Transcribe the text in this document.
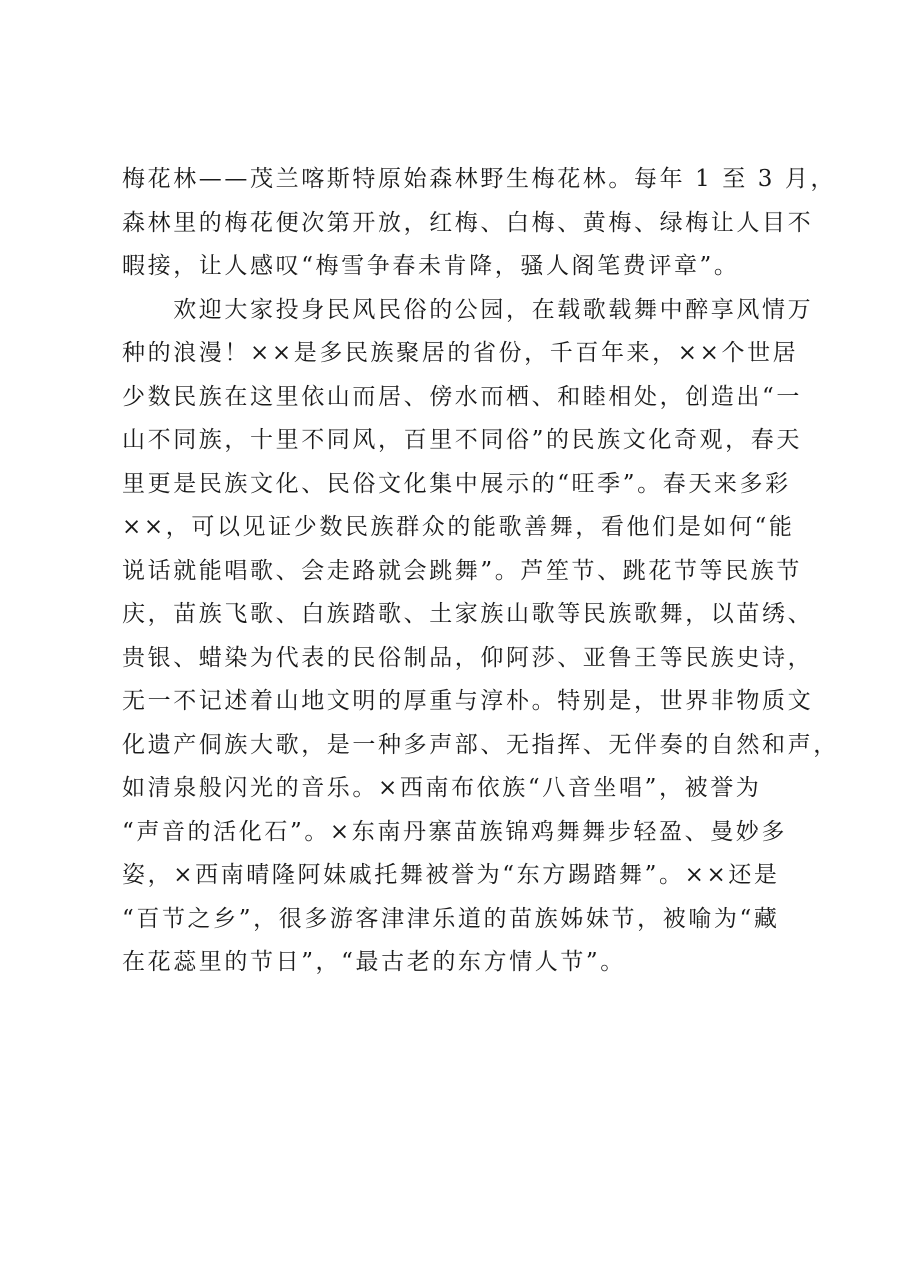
梅花林——茂兰喀斯特原始森林野生梅花林。每年 1 至 3 月，
森林里的梅花便次第开放，红梅、白梅、黄梅、绿梅让人目不
暇接，让人感叹“梅雪争春未肯降，骚人阁笔费评章”。
　　欢迎大家投身民风民俗的公园，在载歌载舞中醉享风情万
种的浪漫！××是多民族聚居的省份，千百年来，××个世居
少数民族在这里依山而居、傍水而栖、和睦相处，创造出“一
山不同族，十里不同风，百里不同俗”的民族文化奇观，春天
里更是民族文化、民俗文化集中展示的“旺季”。春天来多彩
××，可以见证少数民族群众的能歌善舞，看他们是如何“能
说话就能唱歌、会走路就会跳舞”。芦笙节、跳花节等民族节
庆，苗族飞歌、白族踏歌、土家族山歌等民族歌舞，以苗绣、
贵银、蜡染为代表的民俗制品，仰阿莎、亚鲁王等民族史诗，
无一不记述着山地文明的厚重与淳朴。特别是，世界非物质文
化遗产侗族大歌，是一种多声部、无指挥、无伴奏的自然和声，
如清泉般闪光的音乐。×西南布依族“八音坐唱”，被誉为
“声音的活化石”。×东南丹寨苗族锦鸡舞舞步轻盈、曼妙多
姿，×西南晴隆阿妹戚托舞被誉为“东方踢踏舞”。××还是
“百节之乡”，很多游客津津乐道的苗族姊妹节，被喻为“藏
在花蕊里的节日”，“最古老的东方情人节”。
